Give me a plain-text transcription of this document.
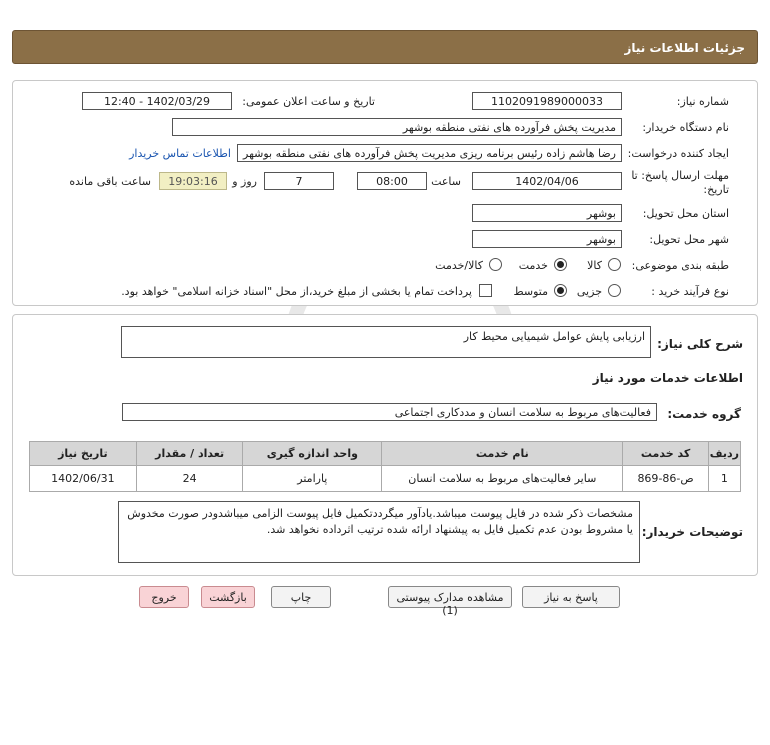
جزئیات اطلاعات نیاز
شماره نیاز:
1102091989000033
تاریخ و ساعت اعلان عمومی:
1402/03/29 - 12:40
نام دستگاه خریدار:
مدیریت پخش فرآورده های نفتی منطقه بوشهر
ایجاد کننده درخواست:
رضا هاشم زاده رئیس برنامه ریزی مدیریت پخش فرآورده های نفتی منطقه بوشهر
اطلاعات تماس خریدار
مهلت ارسال پاسخ: تا
تاریخ:
1402/04/06
ساعت
08:00
7
روز و
19:03:16
ساعت باقی مانده
استان محل تحویل:
بوشهر
شهر محل تحویل:
بوشهر
طبقه بندی موضوعی:
کالا
خدمت
کالا/خدمت
نوع فرآیند خرید :
جزیی
متوسط
پرداخت تمام یا بخشی از مبلغ خرید،از محل "اسناد خزانه اسلامی" خواهد بود.
شرح کلی نیاز:
ارزیابی پایش عوامل شیمیایی محیط کار
اطلاعات خدمات مورد نیاز
گروه خدمت:
فعالیت‌های مربوط به سلامت انسان و مددکاری اجتماعی
ردیف	کد خدمت	نام خدمت	واحد اندازه گیری	تعداد / مقدار	تاریخ نیاز
1	ص-86-869	سایر فعالیت‌های مربوط به سلامت انسان	پارامتر	24	1402/06/31
توضیحات خریدار:
مشخصات ذکر شده در فایل پیوست میباشد.یادآور میگرددتکمیل فایل پیوست الزامی میباشدودر صورت مخدوش یا مشروط بودن عدم تکمیل فایل به پیشنهاد ارائه شده ترتیب اثرداده نخواهد شد.
پاسخ به نیاز
مشاهده مدارک پیوستی (1)
چاپ
بازگشت
خروج
